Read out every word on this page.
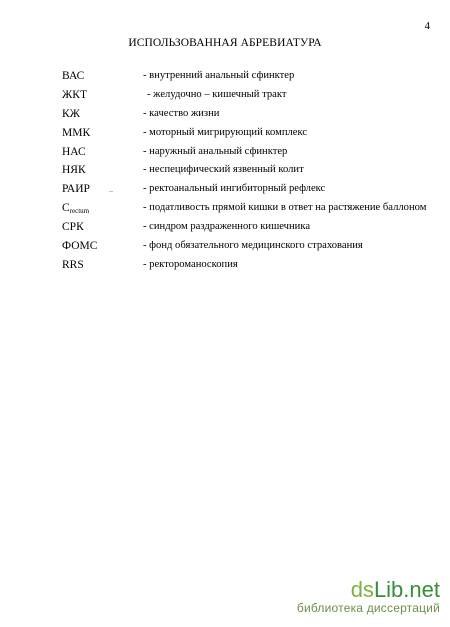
4
ИСПОЛЬЗОВАННАЯ АБРЕВИАТУРА
ВАС	- внутренний анальный сфинктер
ЖКТ	- желудочно – кишечный тракт
КЖ	- качество жизни
ММК	- моторный мигрирующий комплекс
НАС	- наружный анальный сфинктер
НЯК	- неспецифический язвенный колит
РАИР –	- ректоанальный ингибиторный рефлекс
Crectum	- податливость прямой кишки в ответ на растяжение баллоном
СРК	- синдром раздраженного кишечника
ФОМС	- фонд обязательного медицинского страхования
RRS	- ректороманоскопия
dsLib.net
библиотека диссертаций
